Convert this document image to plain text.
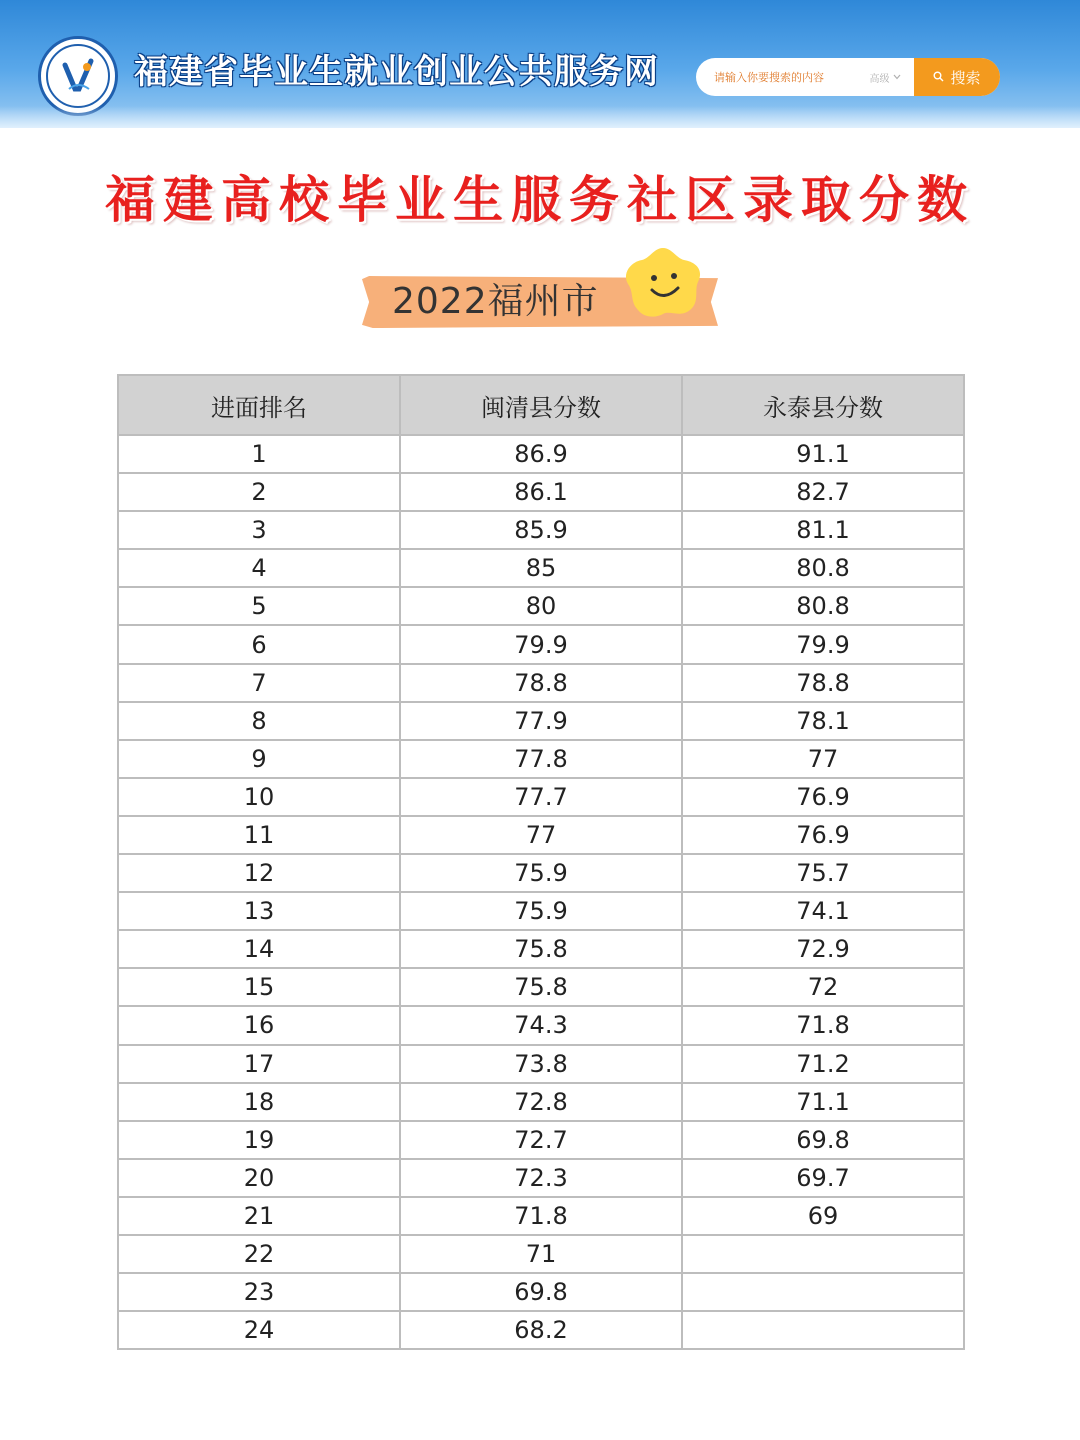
福建省毕业生就业创业公共服务网
请输入你要搜索的内容	高级	搜索
福建高校毕业生服务社区录取分数
2022福州市
进面排名	闽清县分数	永泰县分数
1	86.9	91.1
2	86.1	82.7
3	85.9	81.1
4	85	80.8
5	80	80.8
6	79.9	79.9
7	78.8	78.8
8	77.9	78.1
9	77.8	77
10	77.7	76.9
11	77	76.9
12	75.9	75.7
13	75.9	74.1
14	75.8	72.9
15	75.8	72
16	74.3	71.8
17	73.8	71.2
18	72.8	71.1
19	72.7	69.8
20	72.3	69.7
21	71.8	69
22	71	
23	69.8	
24	68.2	
